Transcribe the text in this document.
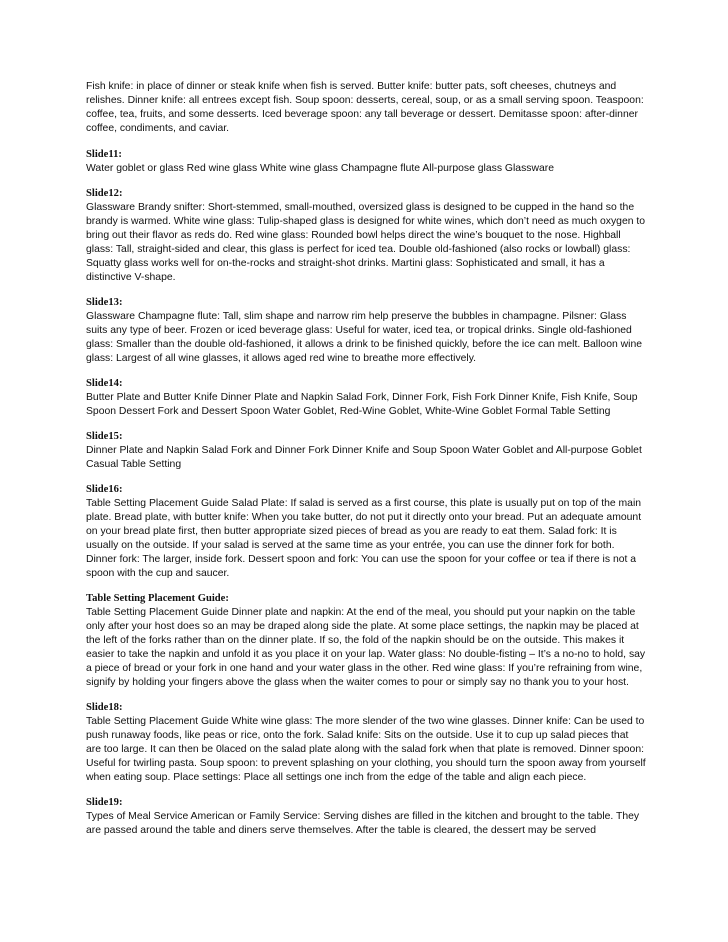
Fish knife: in place of dinner or steak knife when fish is served. Butter knife: butter pats, soft cheeses, chutneys and relishes. Dinner knife: all entrees except fish. Soup spoon: desserts, cereal, soup, or as a small serving spoon. Teaspoon: coffee, tea, fruits, and some desserts. Iced beverage spoon: any tall beverage or dessert. Demitasse spoon: after-dinner coffee, condiments, and caviar.

Slide11:
Water goblet or glass Red wine glass White wine glass Champagne flute All-purpose glass Glassware
Slide12:
Glassware Brandy snifter: Short-stemmed, small-mouthed, oversized glass is designed to be cupped in the hand so the brandy is warmed. White wine glass: Tulip-shaped glass is designed for white wines, which don’t need as much oxygen to bring out their flavor as reds do. Red wine glass: Rounded bowl helps direct the wine’s bouquet to the nose. Highball glass: Tall, straight-sided and clear, this glass is perfect for iced tea. Double old-fashioned (also rocks or lowball) glass: Squatty glass works well for on-the-rocks and straight-shot drinks. Martini glass: Sophisticated and small, it has a distinctive V-shape.
Slide13:
Glassware Champagne flute: Tall, slim shape and narrow rim help preserve the bubbles in champagne. Pilsner: Glass suits any type of beer. Frozen or iced beverage glass: Useful for water, iced tea, or tropical drinks. Single old-fashioned glass: Smaller than the double old-fashioned, it allows a drink to be finished quickly, before the ice can melt. Balloon wine glass: Largest of all wine glasses, it allows aged red wine to breathe more effectively.
Slide14:
Butter Plate and Butter Knife Dinner Plate and Napkin Salad Fork, Dinner Fork, Fish Fork Dinner Knife, Fish Knife, Soup Spoon Dessert Fork and Dessert Spoon Water Goblet, Red-Wine Goblet, White-Wine Goblet Formal Table Setting
Slide15:
Dinner Plate and Napkin Salad Fork and Dinner Fork Dinner Knife and Soup Spoon Water Goblet and All-purpose Goblet Casual Table Setting
Slide16:
Table Setting Placement Guide Salad Plate: If salad is served as a first course, this plate is usually put on top of the main plate. Bread plate, with butter knife: When you take butter, do not put it directly onto your bread. Put an adequate amount on your bread plate first, then butter appropriate sized pieces of bread as you are ready to eat them. Salad fork: It is usually on the outside. If your salad is served at the same time as your entrée, you can use the dinner fork for both. Dinner fork: The larger, inside fork. Dessert spoon and fork: You can use the spoon for your coffee or tea if there is not a spoon with the cup and saucer.
Table Setting Placement Guide:
Table Setting Placement Guide Dinner plate and napkin: At the end of the meal, you should put your napkin on the table only after your host does so an may be draped along side the plate. At some place settings, the napkin may be placed at the left of the forks rather than on the dinner plate. If so, the fold of the napkin should be on the outside. This makes it easier to take the napkin and unfold it as you place it on your lap. Water glass: No double-fisting – It’s a no-no to hold, say a piece of bread or your fork in one hand and your water glass in the other. Red wine glass: If you’re refraining from wine, signify by holding your fingers above the glass when the waiter comes to pour or simply say no thank you to your host.
Slide18:
Table Setting Placement Guide White wine glass: The more slender of the two wine glasses. Dinner knife: Can be used to push runaway foods, like peas or rice, onto the fork. Salad knife: Sits on the outside. Use it to cup up salad pieces that are too large. It can then be 0laced on the salad plate along with the salad fork when that plate is removed. Dinner spoon: Useful for twirling pasta. Soup spoon: to prevent splashing on your clothing, you should turn the spoon away from yourself when eating soup. Place settings: Place all settings one inch from the edge of the table and align each piece.
Slide19:
Types of Meal Service American or Family Service: Serving dishes are filled in the kitchen and brought to the table. They are passed around the table and diners serve themselves. After the table is cleared, the dessert may be served
